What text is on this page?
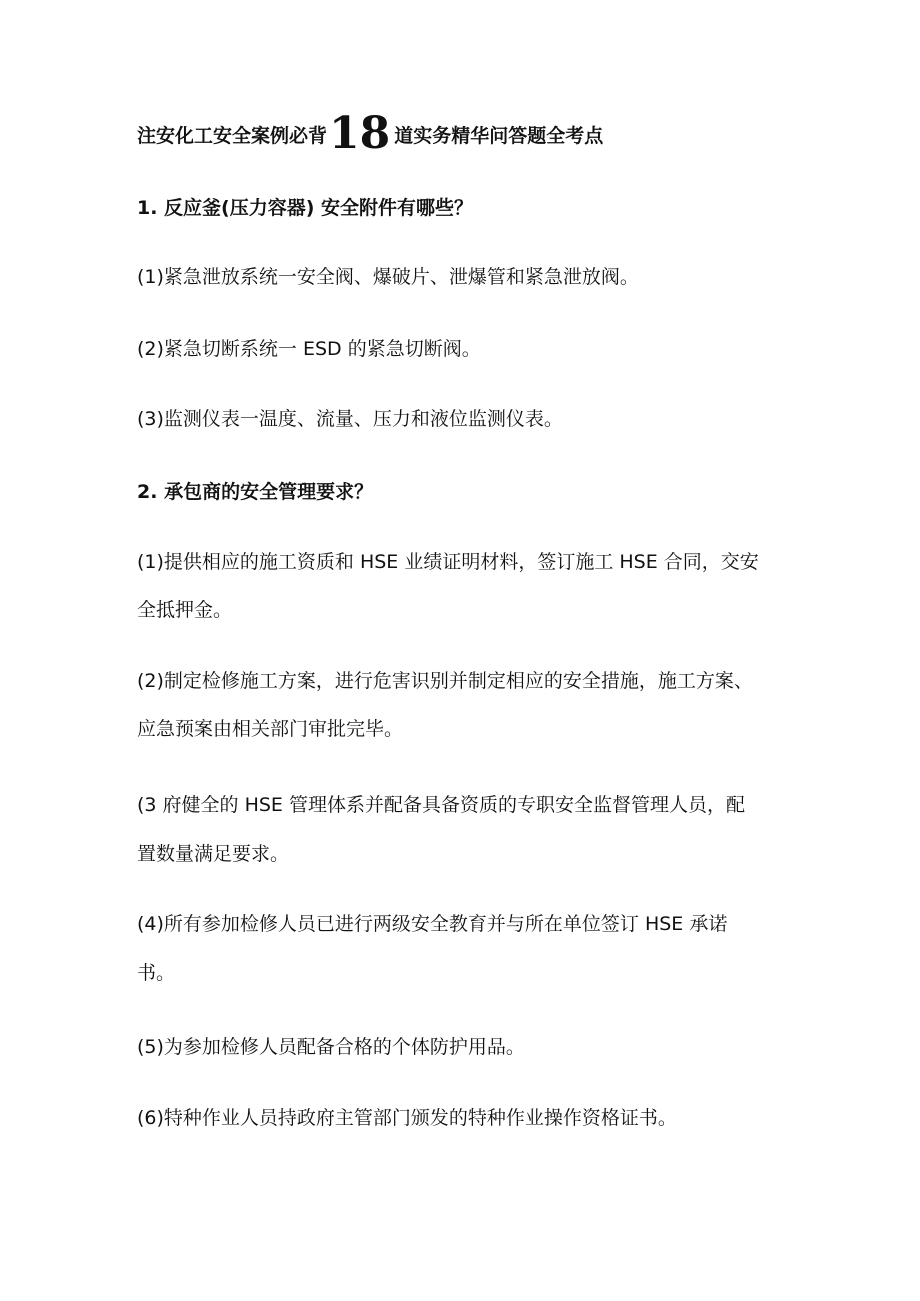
注安化工安全案例必背18 道实务精华问答题全考点
1. 反应釜(压力容器) 安全附件有哪些？
(1)紧急泄放系统一安全阀、爆破片、泄爆管和紧急泄放阀。
(2)紧急切断系统一 ESD 的紧急切断阀。
(3)监测仪表一温度、流量、压力和液位监测仪表。
2. 承包商的安全管理要求？
(1)提供相应的施工资质和 HSE 业绩证明材料，签订施工 HSE 合同，交安
全抵押金。
(2)制定检修施工方案，进行危害识别并制定相应的安全措施，施工方案、
应急预案由相关部门审批完毕。
(3 府健全的 HSE 管理体系并配备具备资质的专职安全监督管理人员，配
置数量满足要求。
(4)所有参加检修人员已进行两级安全教育并与所在单位签订 HSE 承诺
书。
(5)为参加检修人员配备合格的个体防护用品。
(6)特种作业人员持政府主管部门颁发的特种作业操作资格证书。
